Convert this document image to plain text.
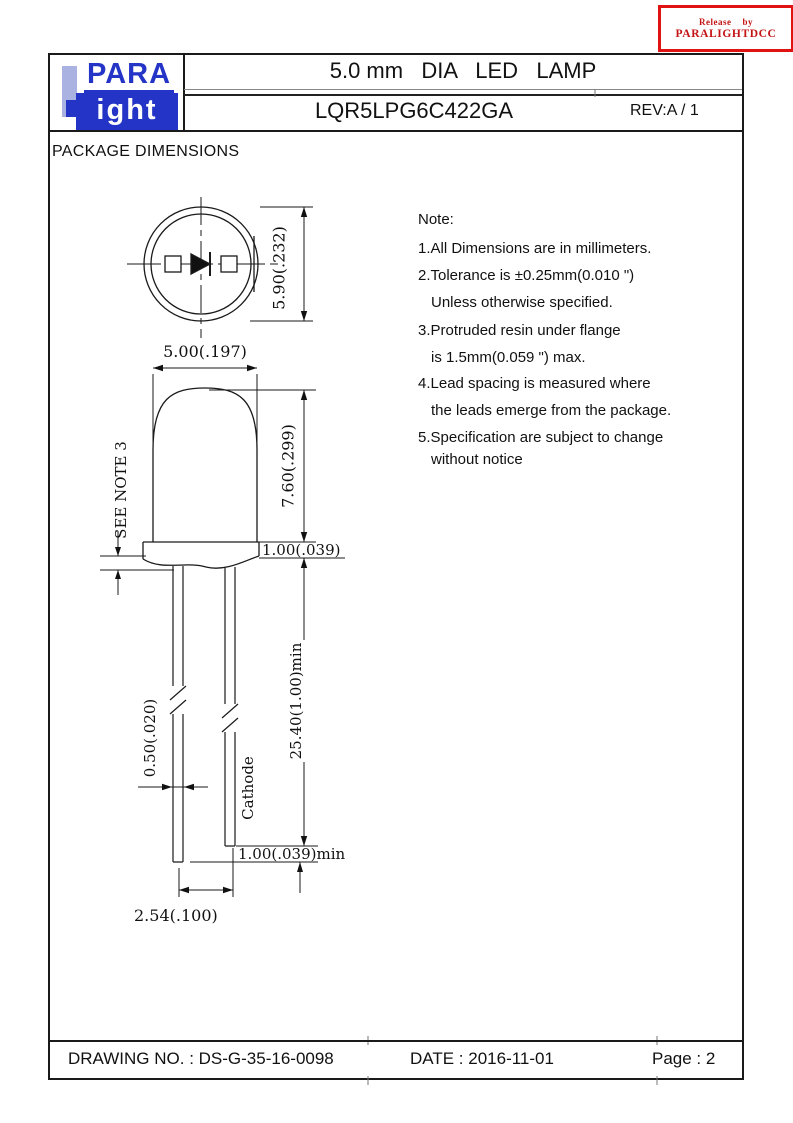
Release    by
PARALIGHTDCC
PARA
ight
5.0 mm   DIA   LED   LAMP
LQR5LPG6C422GA	REV:A / 1
PACKAGE DIMENSIONS
5.90(.232)
5.00(.197)
7.60(.299)
1.00(.039)
SEE NOTE 3
25.40(1.00)min
0.50(.020)
Cathode
1.00(.039)min
2.54(.100)
Note:
1.All Dimensions are in millimeters.
2.Tolerance is ±0.25mm(0.010 ")
Unless otherwise specified.
3.Protruded resin under flange
is 1.5mm(0.059 ") max.
4.Lead spacing is measured where
the leads emerge from the package.
5.Specification are subject to change
without notice
DRAWING NO. : DS-G-35-16-0098	DATE : 2016-11-01	Page : 2
